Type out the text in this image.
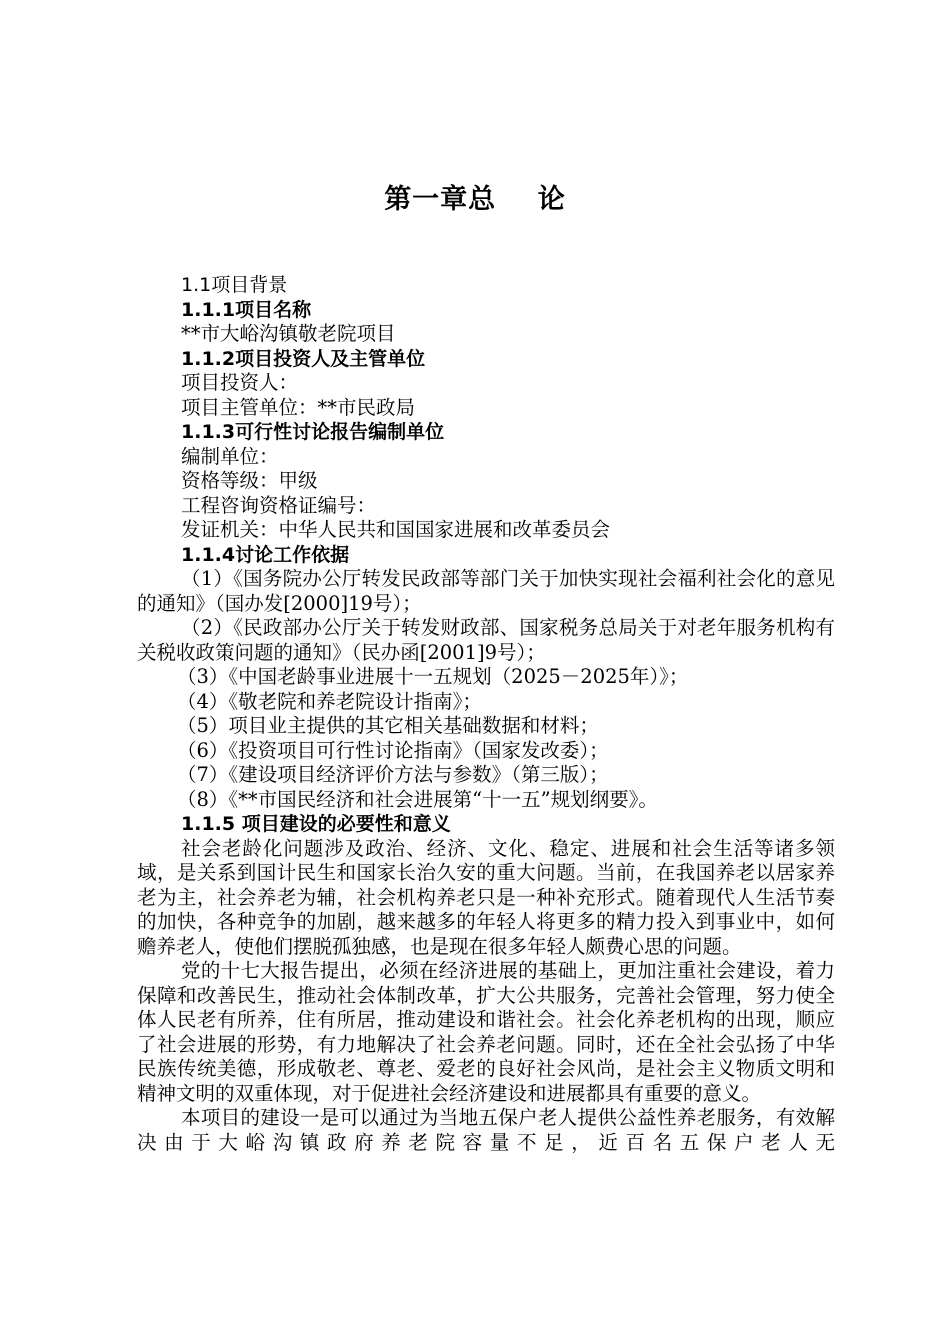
第一章总    论

1.1项目背景

1.1.1项目名称

**市大峪沟镇敬老院项目

1.1.2项目投资人及主管单位

项目投资人：

项目主管单位：**市民政局

1.1.3可行性讨论报告编制单位

编制单位：

资格等级：甲级

工程咨询资格证编号：

发证机关：中华人民共和国国家进展和改革委员会

1.1.4讨论工作依据

（1）《国务院办公厅转发民政部等部门关于加快实现社会福利社会化的意见的通知》（国办发[2000]19号）；

（2）《民政部办公厅关于转发财政部、国家税务总局关于对老年服务机构有关税收政策问题的通知》（民办函[2001]9号）；

（3）《中国老龄事业进展十一五规划（2025－2025年）》；

（4）《敬老院和养老院设计指南》；

（5）项目业主提供的其它相关基础数据和材料；

（6）《投资项目可行性讨论指南》（国家发改委）；

（7）《建设项目经济评价方法与参数》（第三版）；

（8）《**市国民经济和社会进展第“十一五”规划纲要》。

1.1.5 项目建设的必要性和意义

社会老龄化问题涉及政治、经济、文化、稳定、进展和社会生活等诸多领域，是关系到国计民生和国家长治久安的重大问题。当前，在我国养老以居家养老为主，社会养老为辅，社会机构养老只是一种补充形式。随着现代人生活节奏的加快，各种竞争的加剧，越来越多的年轻人将更多的精力投入到事业中，如何赡养老人，使他们摆脱孤独感，也是现在很多年轻人颇费心思的问题。

党的十七大报告提出，必须在经济进展的基础上，更加注重社会建设，着力保障和改善民生，推动社会体制改革，扩大公共服务，完善社会管理，努力使全体人民老有所养，住有所居，推动建设和谐社会。社会化养老机构的出现，顺应了社会进展的形势，有力地解决了社会养老问题。同时，还在全社会弘扬了中华民族传统美德，形成敬老、尊老、爱老的良好社会风尚，是社会主义物质文明和精神文明的双重体现，对于促进社会经济建设和进展都具有重要的意义。

本项目的建设一是可以通过为当地五保户老人提供公益性养老服务，有效解决由于大峪沟镇政府养老院容量不足，近百名五保户老人无
